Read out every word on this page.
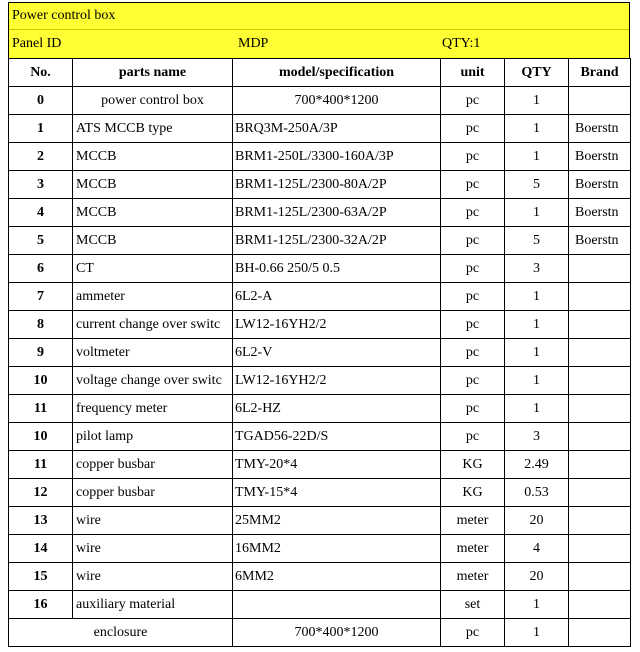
Power control box
Panel ID	MDP	QTY:1
No.	parts name	model/specification	unit	QTY	Brand
0	power control box	700*400*1200	pc	1	
1	ATS MCCB type	BRQ3M-250A/3P	pc	1	Boerstn
2	MCCB	BRM1-250L/3300-160A/3P	pc	1	Boerstn
3	MCCB	BRM1-125L/2300-80A/2P	pc	5	Boerstn
4	MCCB	BRM1-125L/2300-63A/2P	pc	1	Boerstn
5	MCCB	BRM1-125L/2300-32A/2P	pc	5	Boerstn
6	CT	BH-0.66 250/5 0.5	pc	3	
7	ammeter	6L2-A	pc	1	
8	current change over switc	LW12-16YH2/2	pc	1	
9	voltmeter	6L2-V	pc	1	
10	voltage change over switc	LW12-16YH2/2	pc	1	
11	frequency meter	6L2-HZ	pc	1	
10	pilot lamp	TGAD56-22D/S	pc	3	
11	copper busbar	TMY-20*4	KG	2.49	
12	copper busbar	TMY-15*4	KG	0.53	
13	wire	25MM2	meter	20	
14	wire	16MM2	meter	4	
15	wire	6MM2	meter	20	
16	auxiliary material		set	1	
enclosure		700*400*1200	pc	1	
